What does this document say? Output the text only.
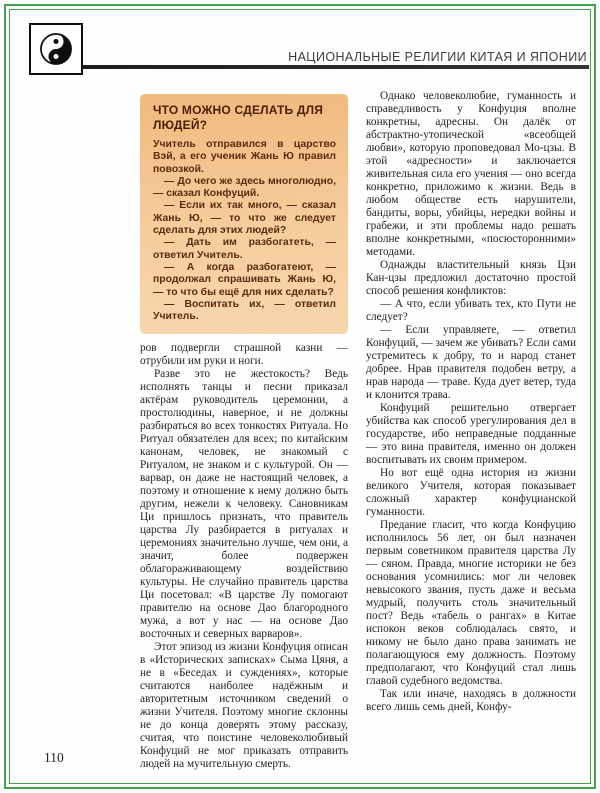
НАЦИОНАЛЬНЫЕ РЕЛИГИИ КИТАЯ И ЯПОНИИ
ЧТО МОЖНО СДЕЛАТЬ ДЛЯ ЛЮДЕЙ?

Учитель отправился в царство Вэй, а его ученик Жань Ю правил повозкой.

— До чего же здесь многолюдно, — сказал Конфуций.

— Если их так много, — сказал Жань Ю, — то что же следует сделать для этих людей?

— Дать им разбогатеть, — ответил Учитель.

— А когда разбогатеют, — продолжал спрашивать Жань Ю, — то что бы ещё для них сделать?

— Воспитать их, — ответил Учитель.

ров подвергли страшной казни — отрубили им руки и ноги.

Разве это не жестокость? Ведь исполнять танцы и песни приказал актёрам руководитель церемонии, а простолюдины, наверное, и не должны разбираться во всех тонкостях Ритуала. Но Ритуал обязателен для всех; по китайским канонам, человек, не знакомый с Ритуалом, не знаком и с культурой. Он — варвар, он даже не настоящий человек, а поэтому и отношение к нему должно быть другим, нежели к человеку. Сановникам Ци пришлось признать, что правитель царства Лу разбирается в ритуалах и церемониях значительно лучше, чем они, а значит, более подвержен облагораживающему воздействию культуры. Не случайно правитель царства Ци посетовал: «В царстве Лу помогают правителю на основе Дао благородного мужа, а вот у нас — на основе Дао восточных и северных варваров».

Этот эпизод из жизни Конфуция описан в «Исторических записках» Сыма Цяня, а не в «Беседах и суждениях», которые считаются наиболее надёжным и авторитетным источником сведений о жизни Учителя. Поэтому многие склонны не до конца доверять этому рассказу, считая, что поистине человеколюбивый Конфуций не мог приказать отправить людей на мучительную смерть.

Однако человеколюбие, гуманность и справедливость у Конфуция вполне конкретны, адресны. Он далёк от абстрактно-утопической «всеобщей любви», которую проповедовал Мо-цзы. В этой «адресности» и заключается живительная сила его учения — оно всегда конкретно, приложимо к жизни. Ведь в любом обществе есть нарушители, бандиты, воры, убийцы, нередки войны и грабежи, и эти проблемы надо решать вполне конкретными, «посюсторонними» методами.

Однажды властительный князь Цзи Кан-цзы предложил достаточно простой способ решения конфликтов:

— А что, если убивать тех, кто Пути не следует?

— Если управляете, — ответил Конфуций, — зачем же убивать? Если сами устремитесь к добру, то и народ станет добрее. Нрав правителя подобен ветру, а нрав народа — траве. Куда дует ветер, туда и клонится трава.

Конфуций решительно отвергает убийства как способ урегулирования дел в государстве, ибо неправедные подданные — это вина правителя, именно он должен воспитывать их своим примером.

Но вот ещё одна история из жизни великого Учителя, которая показывает сложный характер конфуцианской гуманности.

Предание гласит, что когда Конфуцию исполнилось 56 лет, он был назначен первым советником правителя царства Лу — сяном. Правда, многие историки не без основания усомнились: мог ли человек невысокого звания, пусть даже и весьма мудрый, получить столь значительный пост? Ведь «табель о рангах» в Китае испокон веков соблюдалась свято, и никому не было дано права занимать не полагающуюся ему должность. Поэтому предполагают, что Конфуций стал лишь главой судебного ведомства.

Так или иначе, находясь в должности всего лишь семь дней, Конфу-

110
